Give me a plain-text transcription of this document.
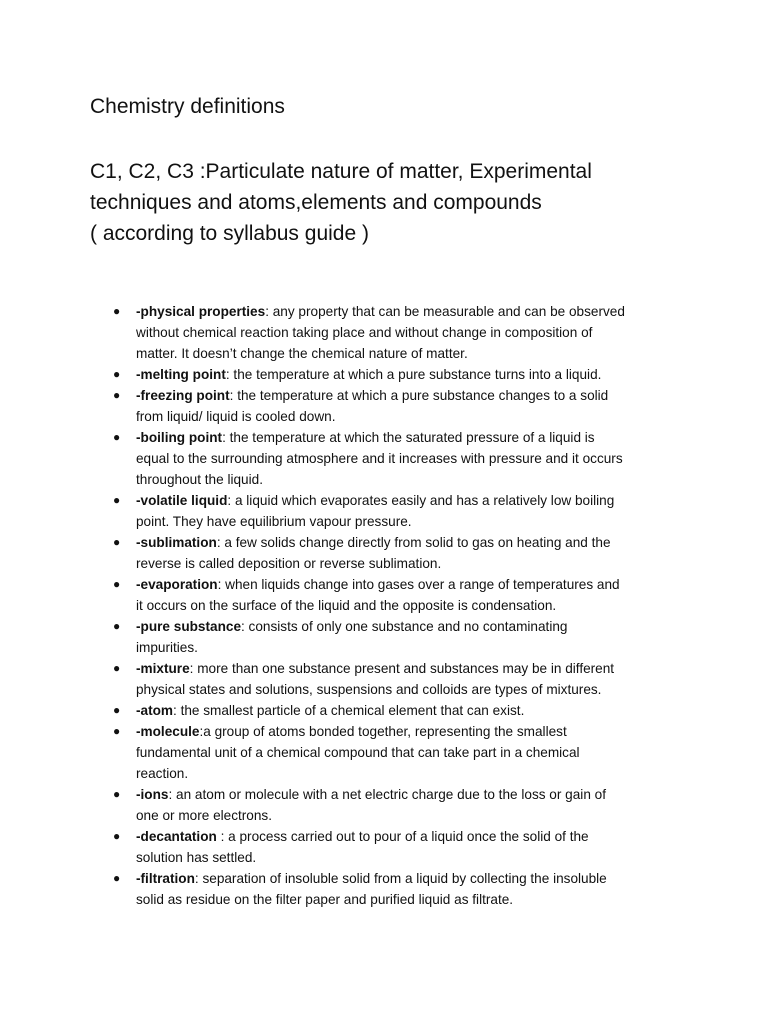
Chemistry definitions
C1, C2, C3 :Particulate nature of matter, Experimental
techniques and atoms,elements and compounds
( according to syllabus guide )
● -physical properties: any property that can be measurable and can be observed
without chemical reaction taking place and without change in composition of
matter. It doesn’t change the chemical nature of matter.
● -melting point: the temperature at which a pure substance turns into a liquid.
● -freezing point: the temperature at which a pure substance changes to a solid
from liquid/ liquid is cooled down.
● -boiling point: the temperature at which the saturated pressure of a liquid is
equal to the surrounding atmosphere and it increases with pressure and it occurs
throughout the liquid.
● -volatile liquid: a liquid which evaporates easily and has a relatively low boiling
point. They have equilibrium vapour pressure.
● -sublimation: a few solids change directly from solid to gas on heating and the
reverse is called deposition or reverse sublimation.
● -evaporation: when liquids change into gases over a range of temperatures and
it occurs on the surface of the liquid and the opposite is condensation.
● -pure substance: consists of only one substance and no contaminating
impurities.
● -mixture: more than one substance present and substances may be in different
physical states and solutions, suspensions and colloids are types of mixtures.
● -atom: the smallest particle of a chemical element that can exist.
● -molecule:a group of atoms bonded together, representing the smallest
fundamental unit of a chemical compound that can take part in a chemical
reaction.
● -ions: an atom or molecule with a net electric charge due to the loss or gain of
one or more electrons.
● -decantation : a process carried out to pour of a liquid once the solid of the
solution has settled.
● -filtration: separation of insoluble solid from a liquid by collecting the insoluble
solid as residue on the filter paper and purified liquid as filtrate.
